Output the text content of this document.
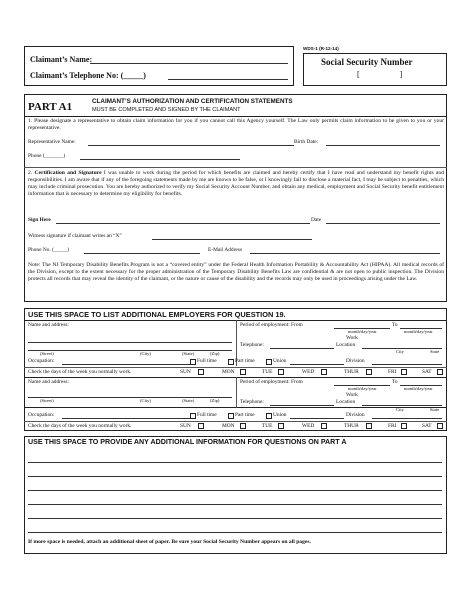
Claimant’s Name:
Claimant’s Telephone No: (_____)
WDS-1 (R-12-14)
Social Security Number
[                    ]
PART A1	CLAIMANT’S AUTHORIZATION AND CERTIFICATION STATEMENTS
MUST BE COMPLETED AND SIGNED BY THE CLAIMANT
1. Please designate a representative to obtain claim information for you if you cannot call this Agency yourself. The Law only permits claim information to be given to you or your representative.
Representative Name:	Birth Date:
Phone (_______)
2. Certification and Signature I was unable to work during the period for which benefits are claimed and hereby certify that I have read and understand my benefit rights and responsibilities. I am aware that if any of the foregoing statements made by me are known to be false, or I knowingly fail to disclose a material fact, I may be subject to penalties, which may include criminal prosecution. You are hereby authorized to verify my Social Security Account Number, and obtain any medical, employment and Social Security benefit entitlement information that is necessary to determine my eligibility for benefits.
Sign Here	Date
Witness signature if claimant writes an “X”
Phone No. (_____)	E-Mail Address
Note: The NJ Temporary Disability Benefits Program is not a “covered entity” under the Federal Health Information Portability & Accountability Act (HIPAA). All medical records of the Division, except to the extent necessary for the proper administration of the Temporary Disability Benefits Law are confidential & are not open to public inspection. The Division protects all records that may reveal the identity of the claimant, or the nature or cause of the disability and the records may only be used in proceedings arising under the Law.
USE THIS SPACE TO LIST ADDITIONAL EMPLOYERS FOR QUESTION 19.
Name and address:
(Street)	(City)	(State)	(Zip)
Period of employment: From	To
month/day/year	month/day/year
Work
Telephone:	Location
City	State
Occupation:	Full time	Part time	Union	Division
Check the days of the week you normally work.	SUN	MON	TUE	WED	THUR	FRI	SAT
Name and address:
(Street)	(City)	(State)	(Zip)
Period of employment: From	To
month/day/year	month/day/year
Work
Telephone:	Location
City	State
Occupation:	Full time	Part time	Union	Division
Check the days of the week you normally work.	SUN	MON	TUE	WED	THUR	FRI	SAT
USE THIS SPACE TO PROVIDE ANY ADDITIONAL INFORMATION FOR QUESTIONS ON PART A
If more space is needed, attach an additional sheet of paper. Be sure your Social Security Number appears on all pages.
